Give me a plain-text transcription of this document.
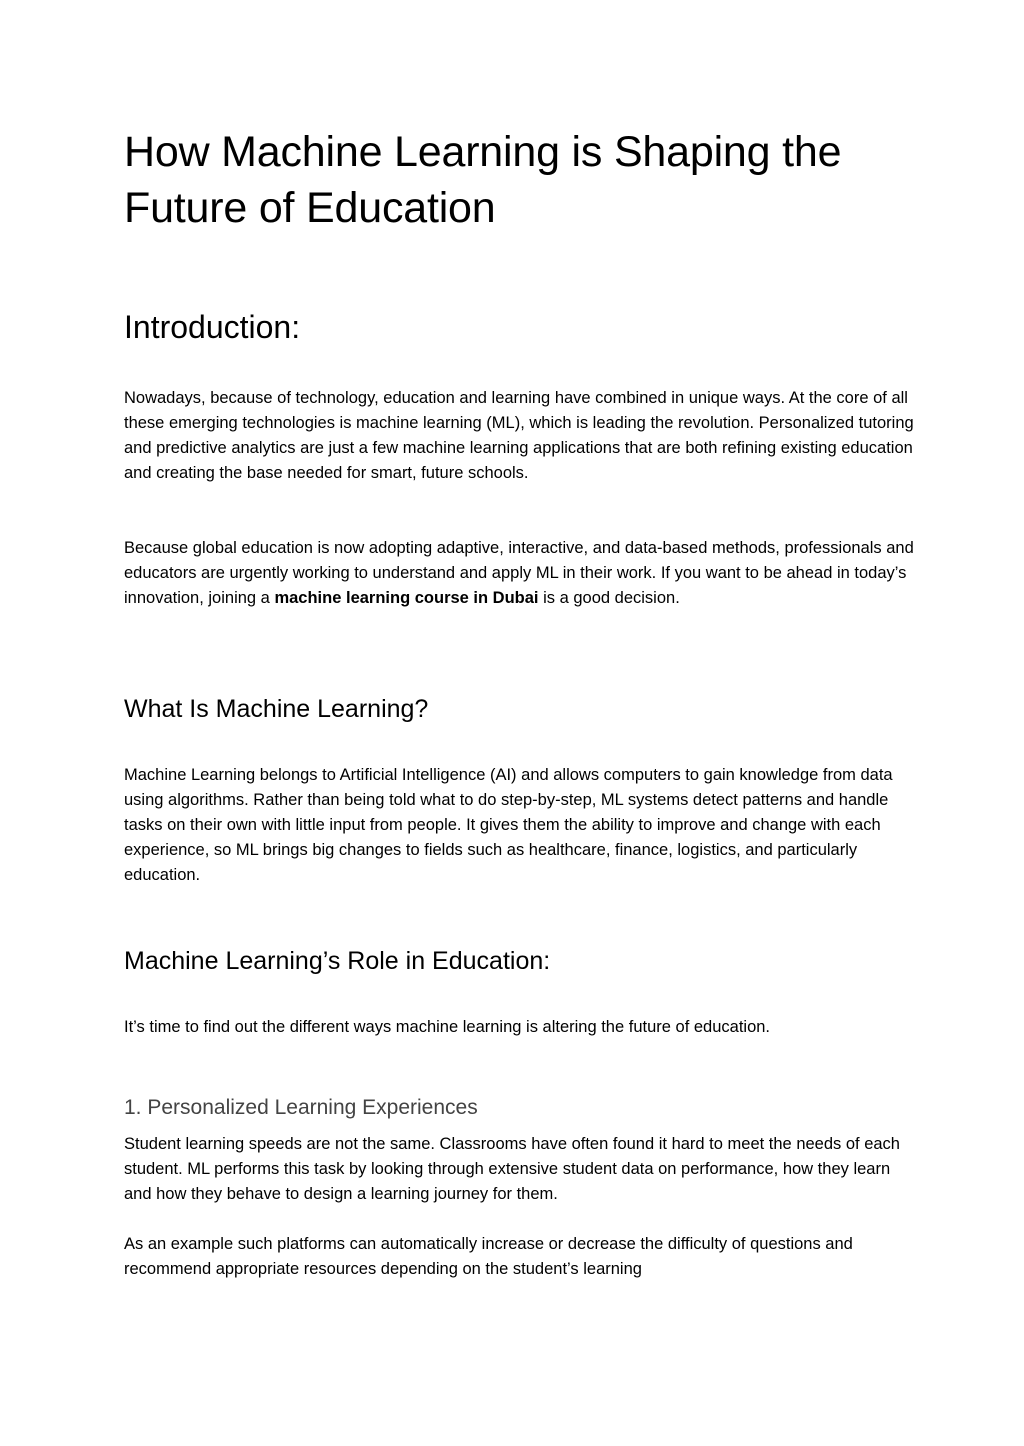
How Machine Learning is Shaping the Future of Education
Introduction:

Nowadays, because of technology, education and learning have combined in unique ways. At the core of all these emerging technologies is machine learning (ML), which is leading the revolution. Personalized tutoring and predictive analytics are just a few machine learning applications that are both refining existing education and creating the base needed for smart, future schools.

Because global education is now adopting adaptive, interactive, and data-based methods, professionals and educators are urgently working to understand and apply ML in their work. If you want to be ahead in today’s innovation, joining a machine learning course in Dubai is a good decision.

What Is Machine Learning?

Machine Learning belongs to Artificial Intelligence (AI) and allows computers to gain knowledge from data using algorithms. Rather than being told what to do step-by-step, ML systems detect patterns and handle tasks on their own with little input from people. It gives them the ability to improve and change with each experience, so ML brings big changes to fields such as healthcare, finance, logistics, and particularly education.

Machine Learning’s Role in Education:

It’s time to find out the different ways machine learning is altering the future of education.

1. Personalized Learning Experiences

Student learning speeds are not the same. Classrooms have often found it hard to meet the needs of each student. ML performs this task by looking through extensive student data on performance, how they learn and how they behave to design a learning journey for them.

As an example such platforms can automatically increase or decrease the difficulty of questions and recommend appropriate resources depending on the student’s learning
